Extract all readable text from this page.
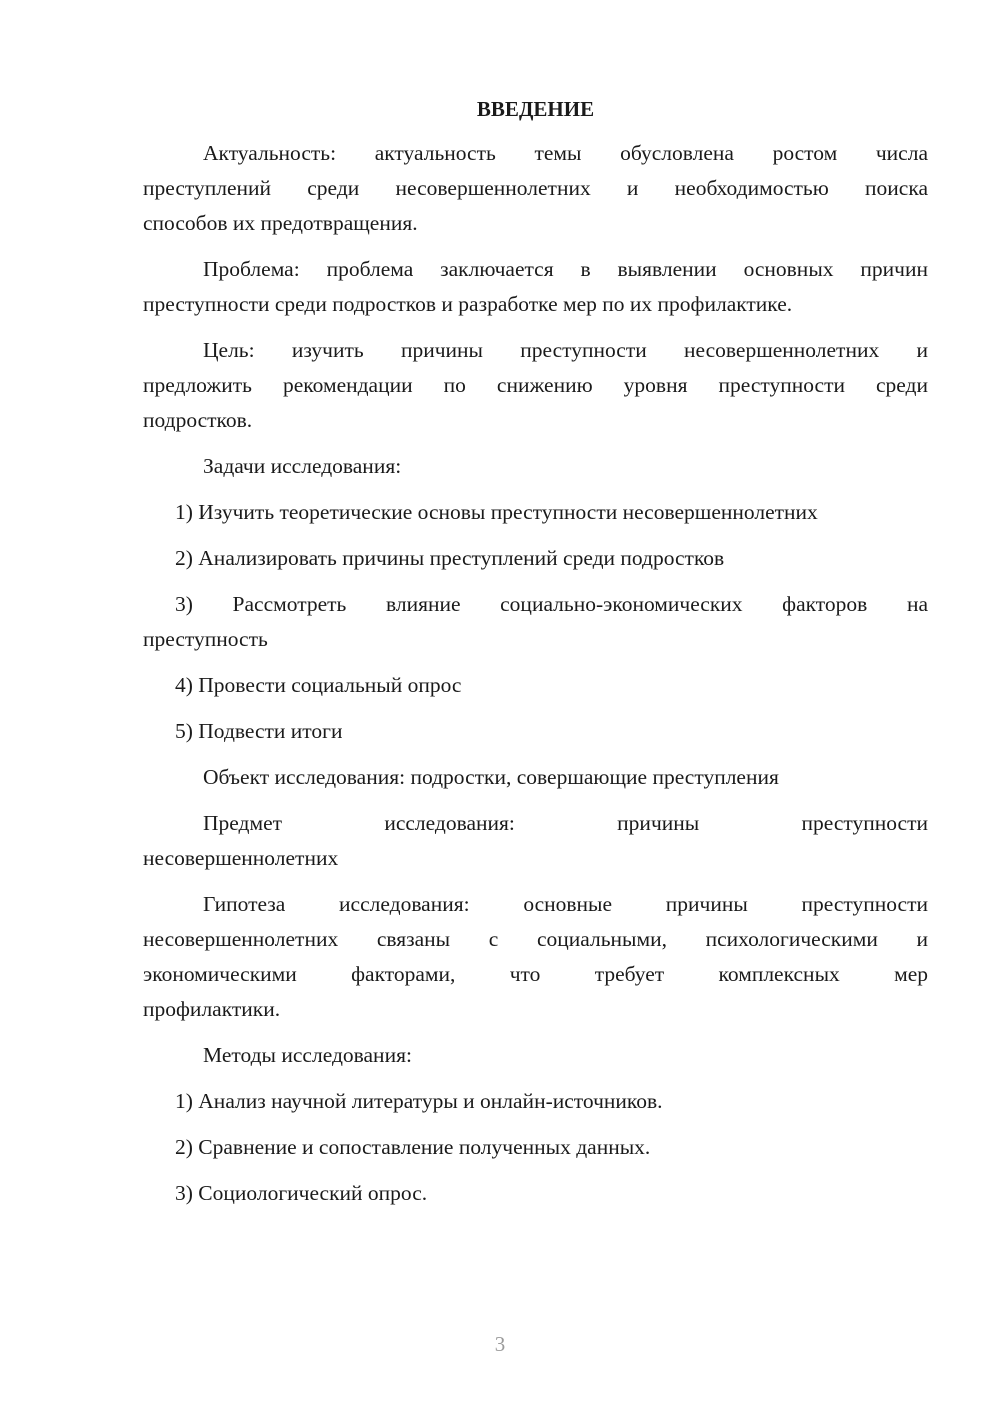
ВВЕДЕНИЕ
Актуальность: актуальность темы обусловлена ростом числа
преступлений среди несовершеннолетних и необходимостью поиска
способов их предотвращения.
Проблема: проблема заключается в выявлении основных причин
преступности среди подростков и разработке мер по их профилактике.
Цель: изучить причины преступности несовершеннолетних и
предложить рекомендации по снижению уровня преступности среди
подростков.
Задачи исследования:
1) Изучить теоретические основы преступности несовершеннолетних
2) Анализировать причины преступлений среди подростков
3) Рассмотреть влияние социально-экономических факторов на
преступность
4) Провести социальный опрос
5) Подвести итоги
Объект исследования: подростки, совершающие преступления
Предмет исследования: причины преступности
несовершеннолетних
Гипотеза исследования: основные причины преступности
несовершеннолетних связаны с социальными, психологическими и
экономическими факторами, что требует комплексных мер
профилактики.
Методы исследования:
1) Анализ научной литературы и онлайн-источников.
2) Сравнение и сопоставление полученных данных.
3) Социологический опрос.
3
